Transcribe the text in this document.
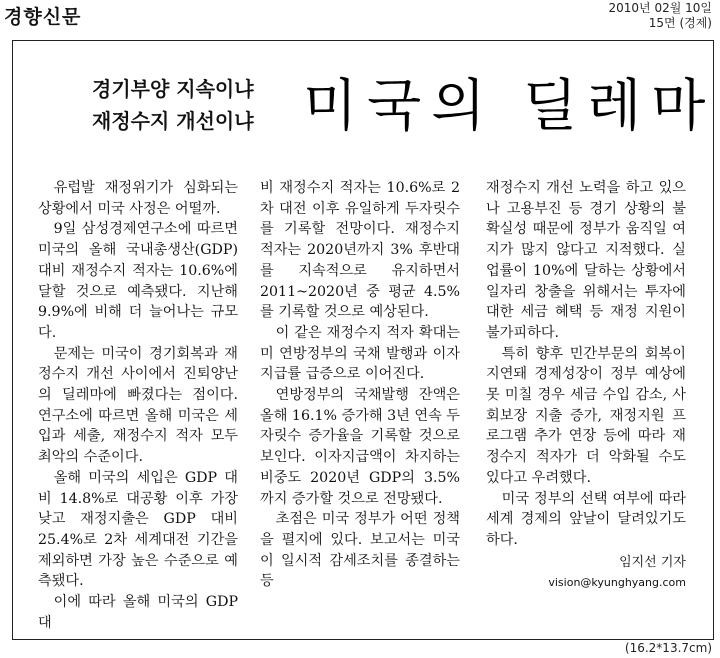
경향신문	2010년 02월 10일
15면 (경제)
경기부양 지속이냐
재정수지 개선이냐 미국의 딜레마

유럽발 재정위기가 심화되는 상황에서 미국 사정은 어떨까.

9일 삼성경제연구소에 따르면 미국의 올해 국내총생산(GDP) 대비 재정수지 적자는 10.6%에 달할 것으로 예측됐다. 지난해 9.9%에 비해 더 늘어나는 규모다.

문제는 미국이 경기회복과 재정수지 개선 사이에서 진퇴양난의 딜레마에 빠졌다는 점이다. 연구소에 따르면 올해 미국은 세입과 세출, 재정수지 적자 모두 최악의 수준이다.

올해 미국의 세입은 GDP 대비 14.8%로 대공황 이후 가장 낮고 재정지출은 GDP 대비 25.4%로 2차 세계대전 기간을 제외하면 가장 높은 수준으로 예측됐다.

이에 따라 올해 미국의 GDP 대

비 재정수지 적자는 10.6%로 2차 대전 이후 유일하게 두자릿수를 기록할 전망이다. 재정수지 적자는 2020년까지 3% 후반대를 지속적으로 유지하면서 2011~2020년 중 평균 4.5%를 기록할 것으로 예상된다.

이 같은 재정수지 적자 확대는 미 연방정부의 국채 발행과 이자 지급률 급증으로 이어진다.

연방정부의 국채발행 잔액은 올해 16.1% 증가해 3년 연속 두자릿수 증가율을 기록할 것으로 보인다. 이자지급액이 차지하는 비중도 2020년 GDP의 3.5%까지 증가할 것으로 전망됐다.

초점은 미국 정부가 어떤 정책을 펼지에 있다. 보고서는 미국이 일시적 감세조치를 종결하는 등

재정수지 개선 노력을 하고 있으나 고용부진 등 경기 상황의 불확실성 때문에 정부가 움직일 여지가 많지 않다고 지적했다. 실업률이 10%에 달하는 상황에서 일자리 창출을 위해서는 투자에 대한 세금 혜택 등 재정 지원이 불가피하다.

특히 향후 민간부문의 회복이 지연돼 경제성장이 정부 예상에 못 미칠 경우 세금 수입 감소, 사회보장 지출 증가, 재정지원 프로그램 추가 연장 등에 따라 재정수지 적자가 더 악화될 수도 있다고 우려했다.

미국 정부의 선택 여부에 따라 세계 경제의 앞날이 달려있기도 하다.

임지선 기자vision@kyunghyang.com
(16.2*13.7cm)
